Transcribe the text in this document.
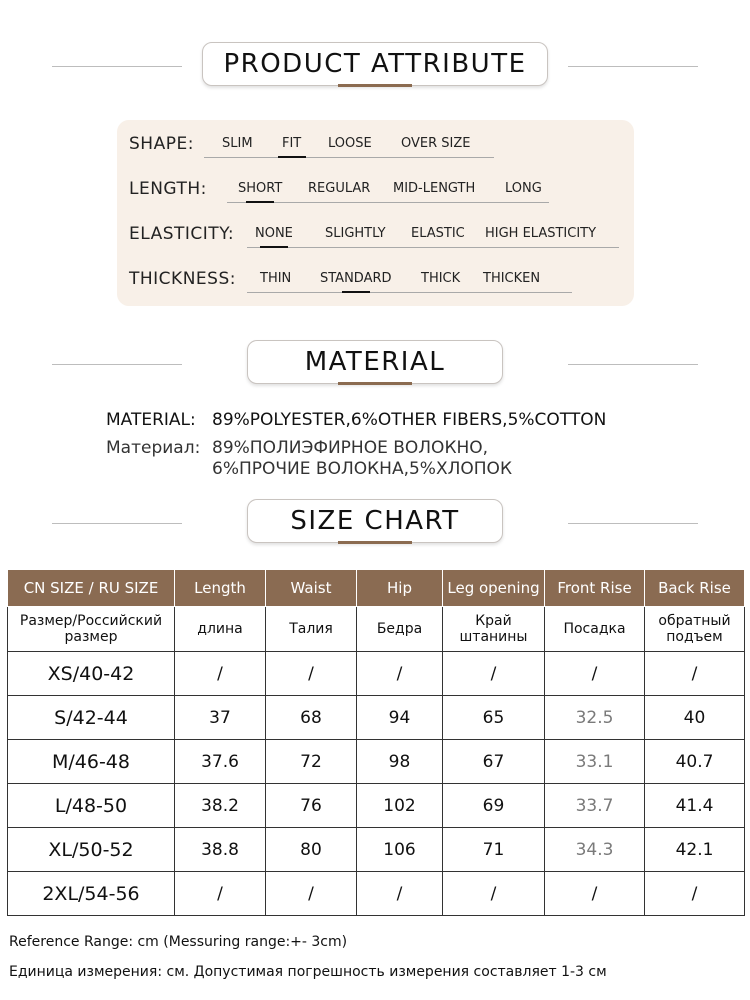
PRODUCT ATTRIBUTE
SHAPE: SLIM FIT LOOSE OVER SIZE
LENGTH: SHORT REGULAR MID-LENGTH LONG
ELASTICITY: NONE SLIGHTLY ELASTIC HIGH ELASTICITY
THICKNESS: THIN STANDARD THICK THICKEN
MATERIAL
MATERIAL: 89%POLYESTER,6%OTHER FIBERS,5%COTTON
Материал: 89%ПОЛИЭФИРНОЕ ВОЛОКНО,
6%ПРОЧИЕ ВОЛОКНА,5%ХЛОПОК
SIZE CHART
CN SIZE / RU SIZE	Length	Waist	Hip	Leg opening	Front Rise	Back Rise
Размер/Российский размер	длина	Талия	Бедра	Край штанины	Посадка	обратный подъем
XS/40-42	/	/	/	/	/	/
S/42-44	37	68	94	65	32.5	40
M/46-48	37.6	72	98	67	33.1	40.7
L/48-50	38.2	76	102	69	33.7	41.4
XL/50-52	38.8	80	106	71	34.3	42.1
2XL/54-56	/	/	/	/	/	/
Reference Range: cm (Messuring range:+- 3cm)
Единица измерения: см. Допустимая погрешность измерения составляет 1-3 см
